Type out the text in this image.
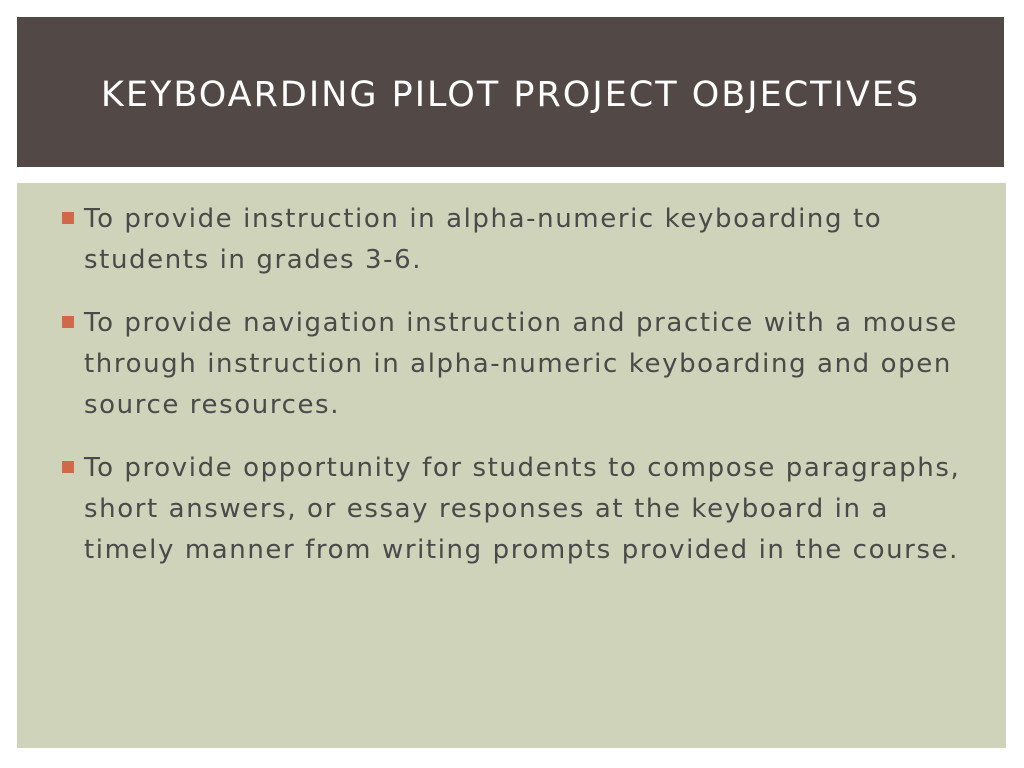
KEYBOARDING PILOT PROJECT OBJECTIVES
To provide instruction in alpha-numeric keyboarding to students in grades 3-6.
To provide navigation instruction and practice with a mouse through instruction in alpha-numeric keyboarding and open source resources.
To provide opportunity for students to compose paragraphs, short answers, or essay responses at the keyboard in a timely manner from writing prompts provided in the course.
